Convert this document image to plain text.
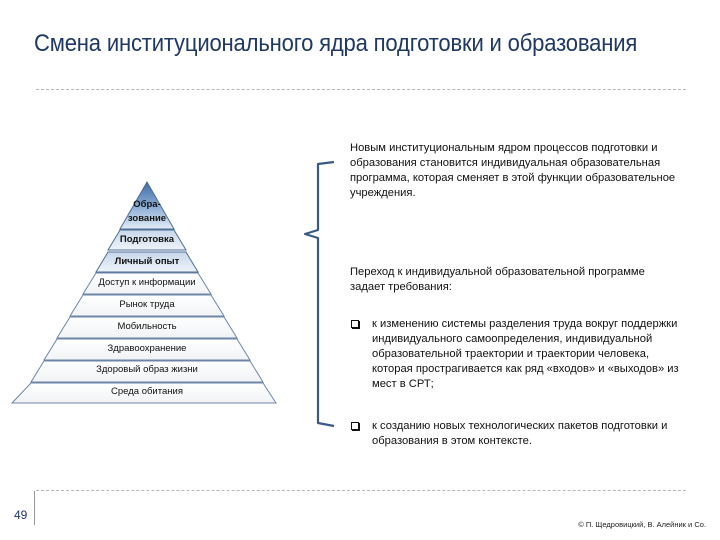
Смена институционального ядра подготовки и образования
Обра-
зование
Подготовка
Личный опыт
Доступ к информации
Рынок труда
Мобильность
Здравоохранение
Здоровый образ жизни
Среда обитания
Новым институциональным ядром процессов подготовки и образования становится индивидуальная образовательная программа, которая сменяет в этой функции образовательное учреждения.
Переход к индивидуальной образовательной программе задает требования:
к изменению системы разделения труда вокруг поддержки индивидуального самоопределения, индивидуальной образовательной траектории и траектории человека, которая прострагивается как ряд «входов» и «выходов» из мест в СРТ;
к созданию новых технологических пакетов подготовки и образования в этом контексте.
49
© П. Щедровицкий, В. Алейник и Со.
